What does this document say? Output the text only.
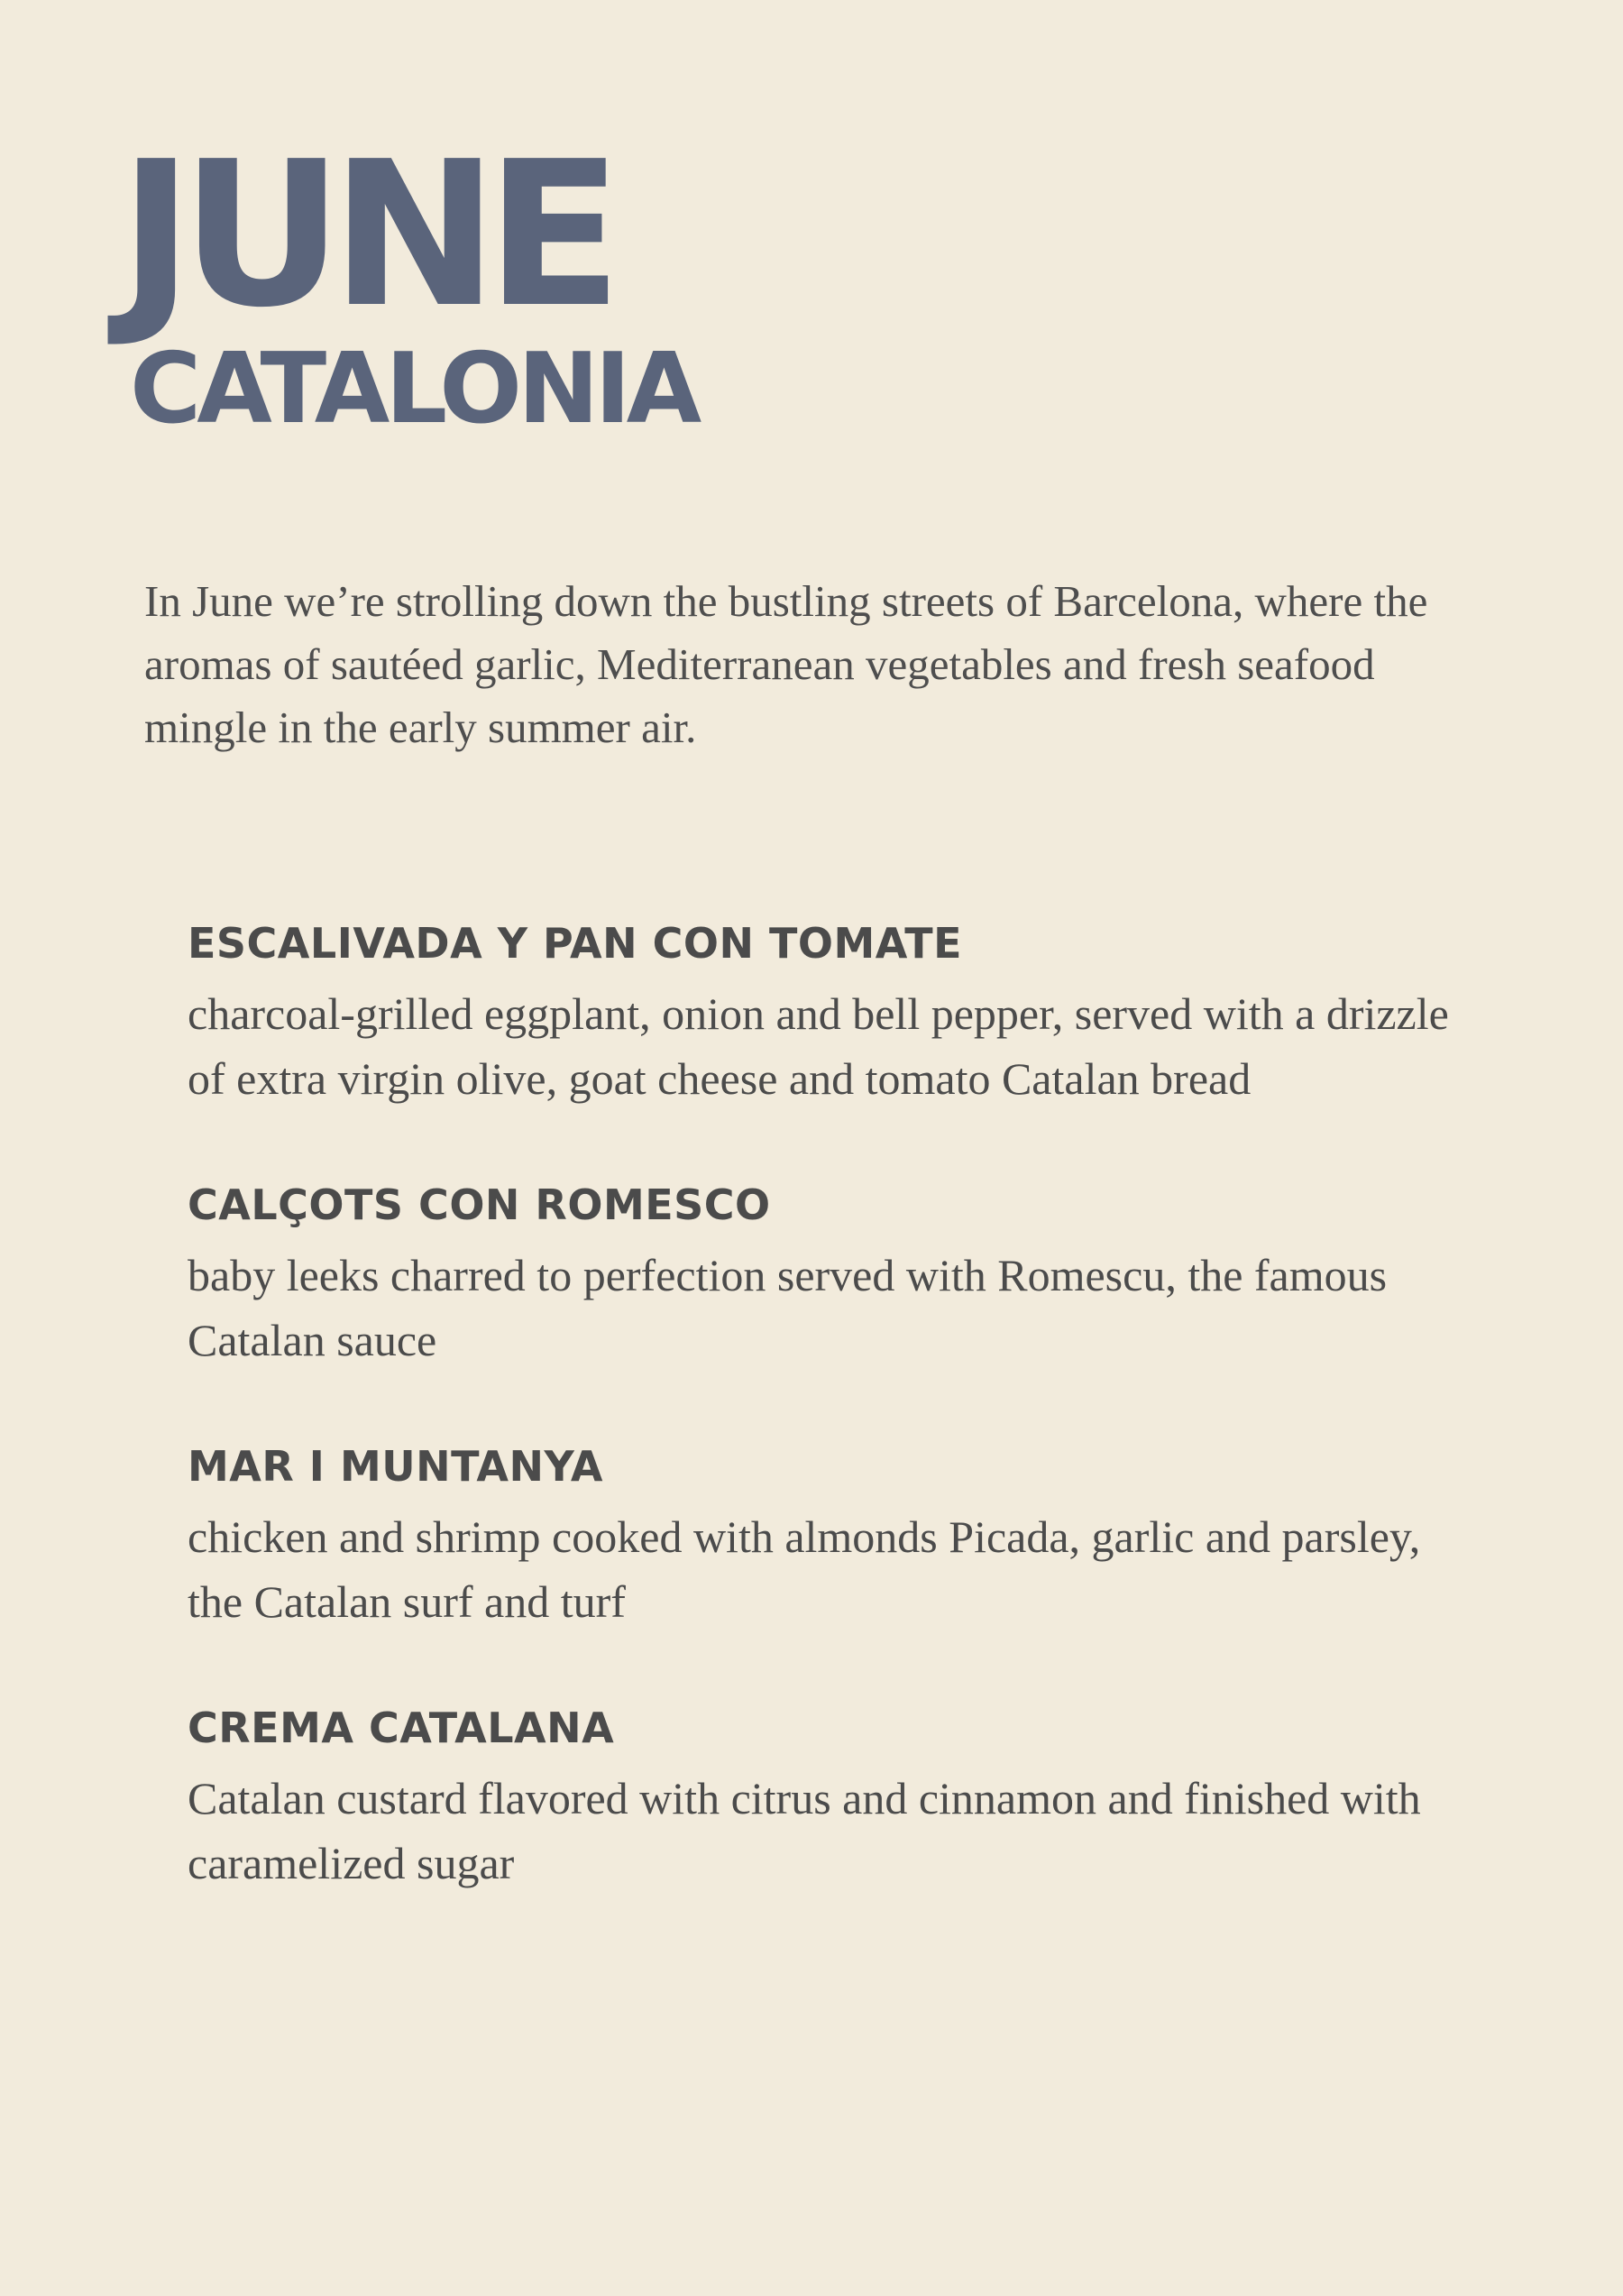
JUNE
CATALONIA

In June we’re strolling down the bustling streets of Barcelona, where the aromas of sautéed garlic, Mediterranean vegetables and fresh seafood mingle in the early summer air.

ESCALIVADA Y PAN CON TOMATE

charcoal-grilled eggplant, onion and bell pepper, served with a drizzle of extra virgin olive, goat cheese and tomato Catalan bread

CALÇOTS CON ROMESCO

baby leeks charred to perfection served with Romescu, the famous Catalan sauce

MAR I MUNTANYA

chicken and shrimp cooked with almonds Picada, garlic and parsley, the Catalan surf and turf

CREMA CATALANA

Catalan custard flavored with citrus and cinnamon and finished with caramelized sugar
